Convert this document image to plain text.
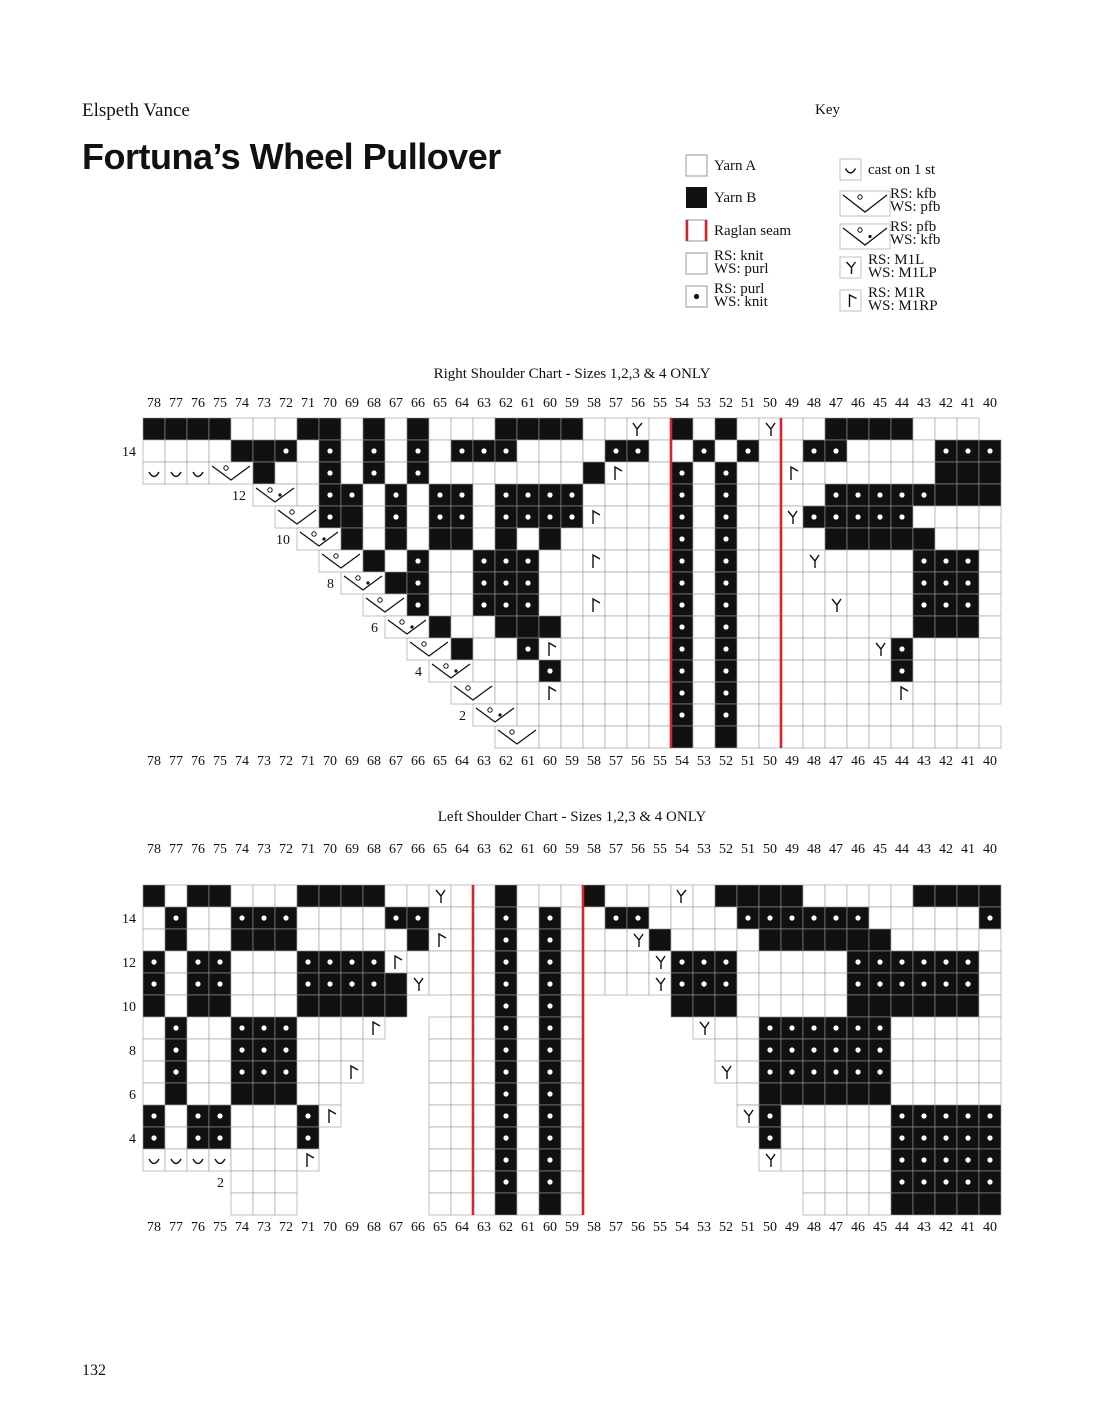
Elspeth Vance
Fortuna’s Wheel Pullover
Key
Yarn A
Yarn B
Raglan seam
RS: knit WS: purl
RS: purl WS: knit
cast on 1 st
RS: kfb WS: pfb
RS: pfb WS: kfb
RS: M1L WS: M1LP
RS: M1R WS: M1RP
Right Shoulder Chart - Sizes 1,2,3 & 4 ONLY
78
78
77
77
76
76
75
75
74
74
73
73
72
72
71
71
70
70
69
69
68
68
67
67
66
66
65
65
64
64
63
63
62
62
61
61
60
60
59
59
58
58
57
57
56
56
55
55
54
54
53
53
52
52
51
51
50
50
49
49
48
48
47
47
46
46
45
45
44
44
43
43
42
42
41
41
40
40
14
12
10
8
6
4
2
Left Shoulder Chart - Sizes 1,2,3 & 4 ONLY
78
78
77
77
76
76
75
75
74
74
73
73
72
72
71
71
70
70
69
69
68
68
67
67
66
66
65
65
64
64
63
63
62
62
61
61
60
60
59
59
58
58
57
57
56
56
55
55
54
54
53
53
52
52
51
51
50
50
49
49
48
48
47
47
46
46
45
45
44
44
43
43
42
42
41
41
40
40
14
12
10
8
6
4
2
132
